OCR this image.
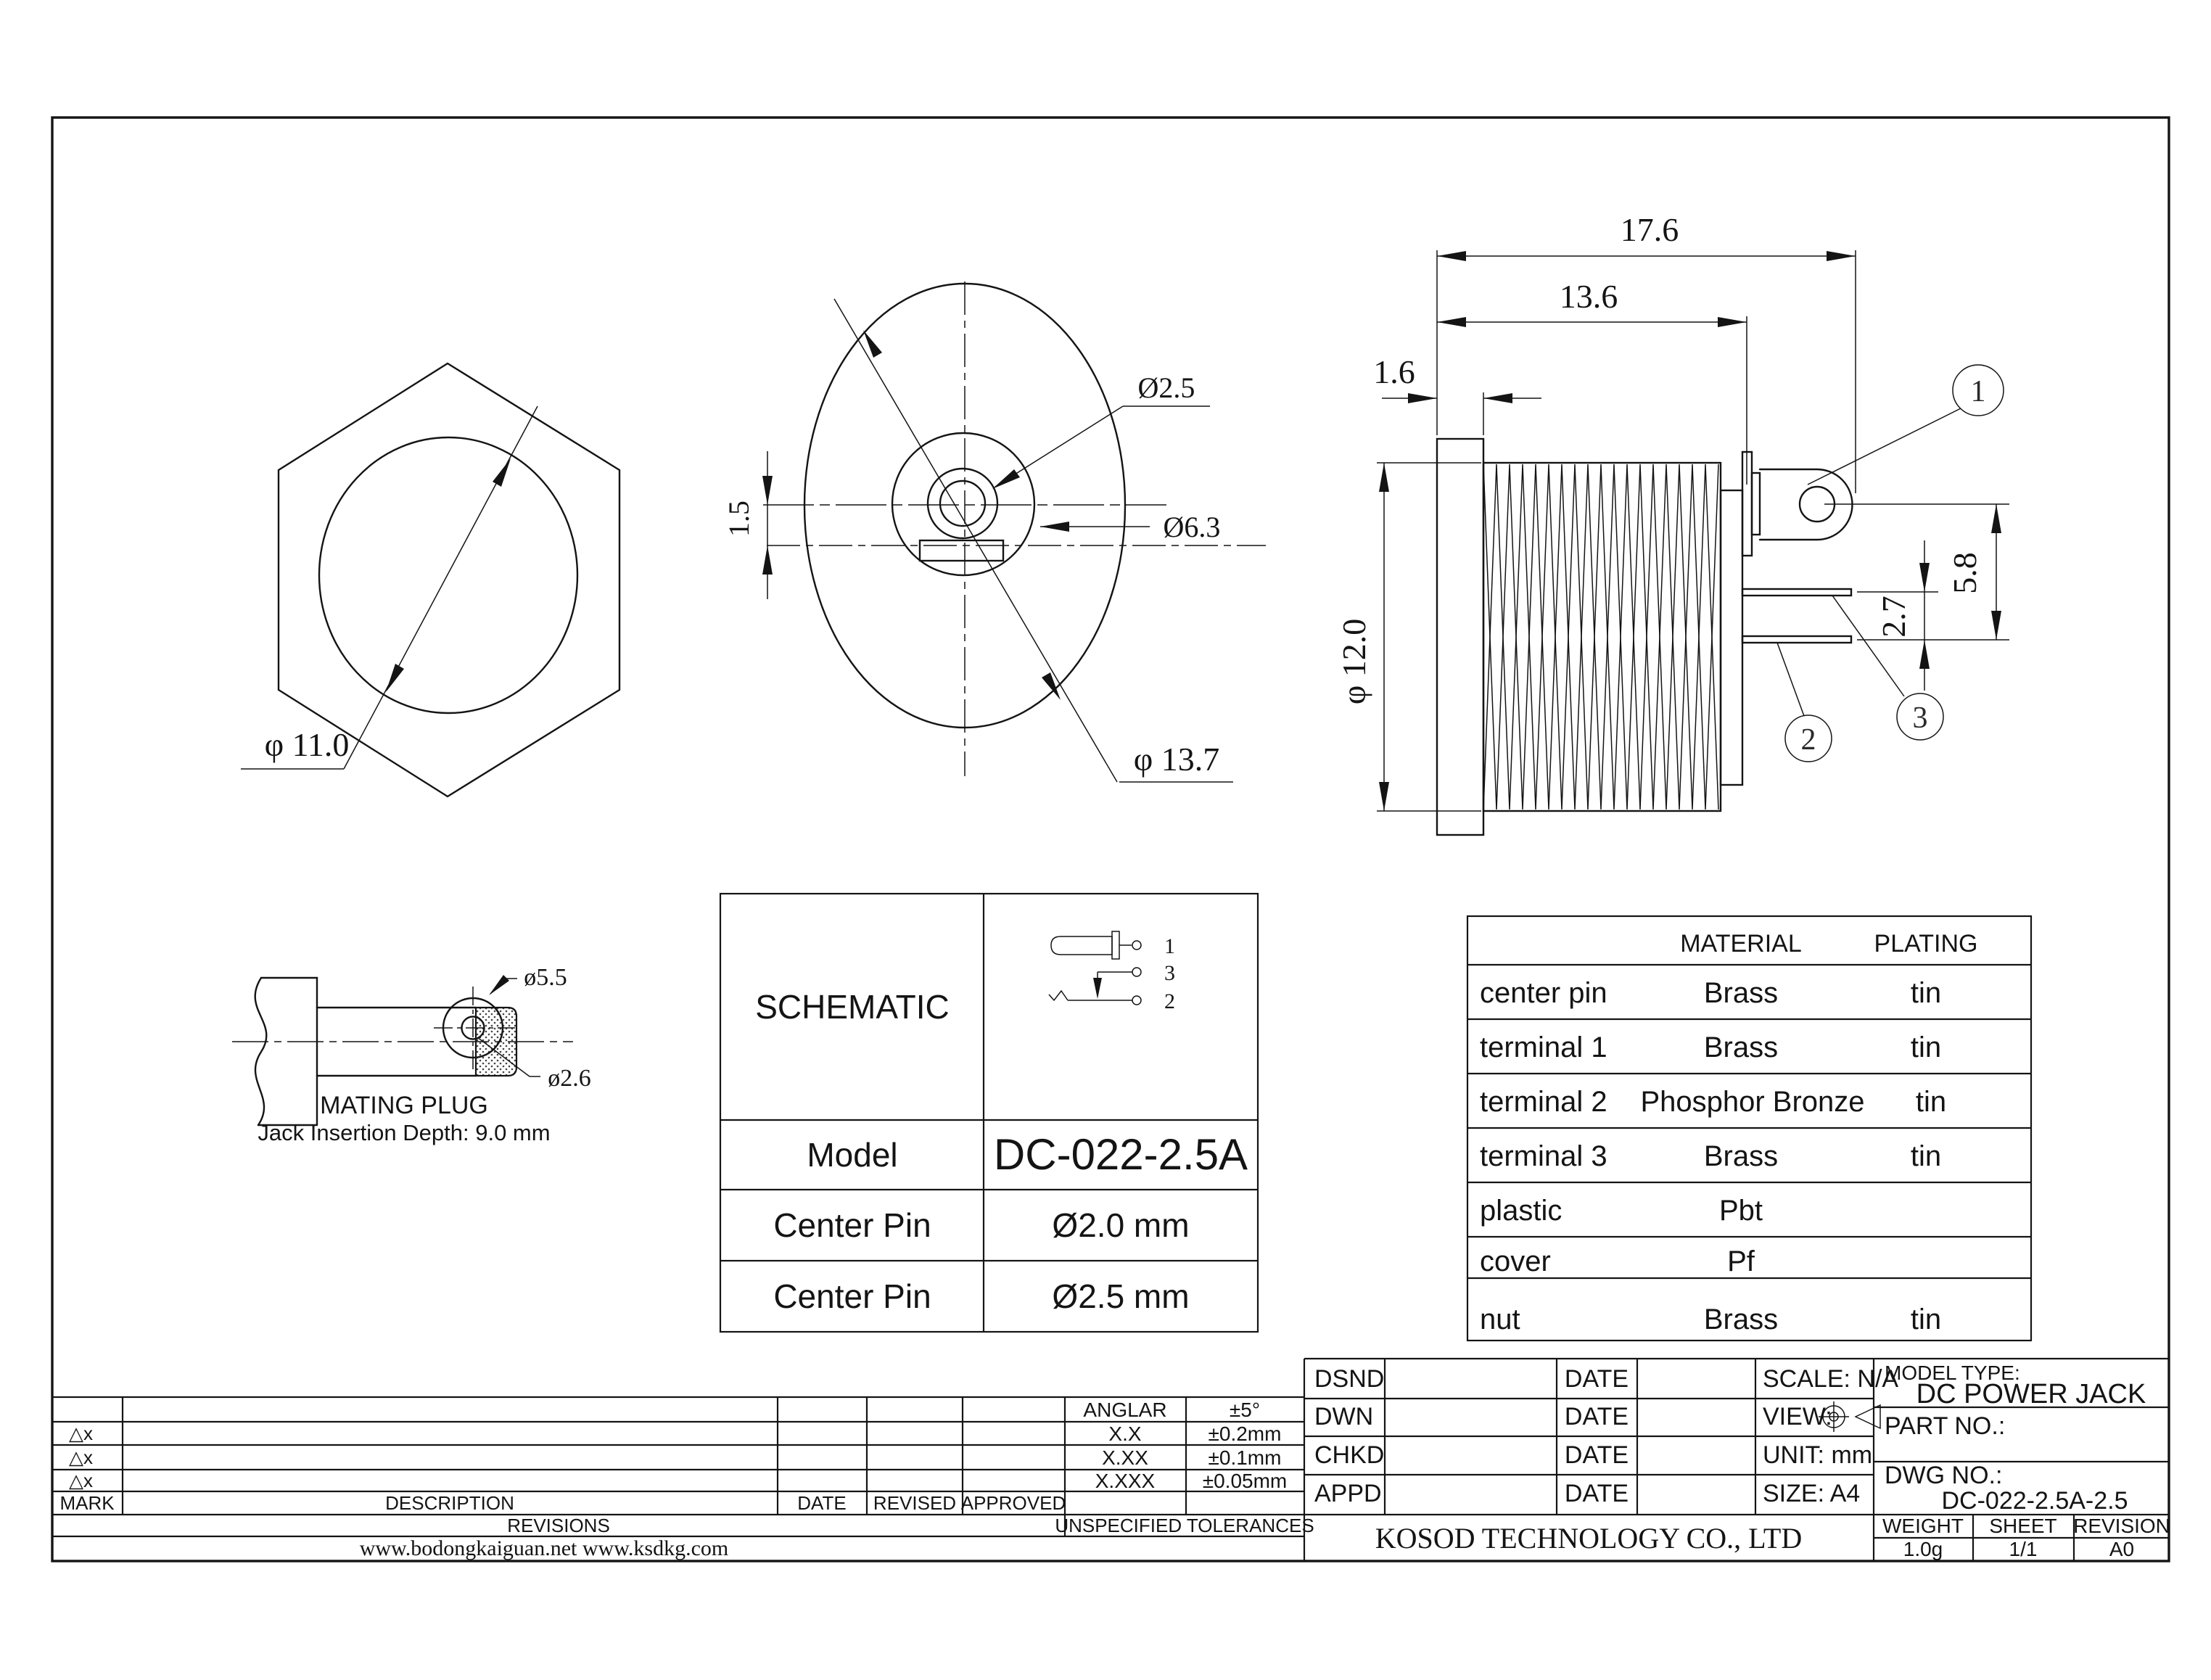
φ 11.0
1.5
Ø2.5
Ø6.3
φ 13.7
17.6
13.6
1.6
φ 12.0
5.8
2.7
1
2
3
ø5.5
ø2.6
MATING PLUG
Jack Insertion Depth: 9.0 mm
SCHEMATIC
Model DC-022-2.5A
Center Pin	Ø2.0 mm
Center Pin	Ø2.5 mm
1
3
2
MATERIAL	PLATING
center pin	Brass	tin
terminal 1	Brass	tin
terminal 2 Phosphor Bronze tin
terminal 3	Brass	tin
plastic	Pbt
cover	Pf
nut	Brass	tin
ANGLAR	±5°
△x	X.X	±0.2mm
△x	X.XX	±0.1mm
△x	X.XXX ±0.05mm
MARK	DESCRIPTION	DATE REVISED APPROVED
REVISIONS	UNSPECIFIED TOLERANCES
www.bodongkaiguan.net www.ksdkg.com
DSND	DATE
DWN	DATE
CHKD	DATE
APPD	DATE
SCALE: N/A
VIEW:
UNIT: mm
SIZE: A4
MODEL TYPE:
DC POWER JACK
PART NO.:
DWG NO.:
DC-022-2.5A-2.5
WEIGHT SHEET REVISION
1.0g	1/1	A0
KOSOD TECHNOLOGY CO., LTD
